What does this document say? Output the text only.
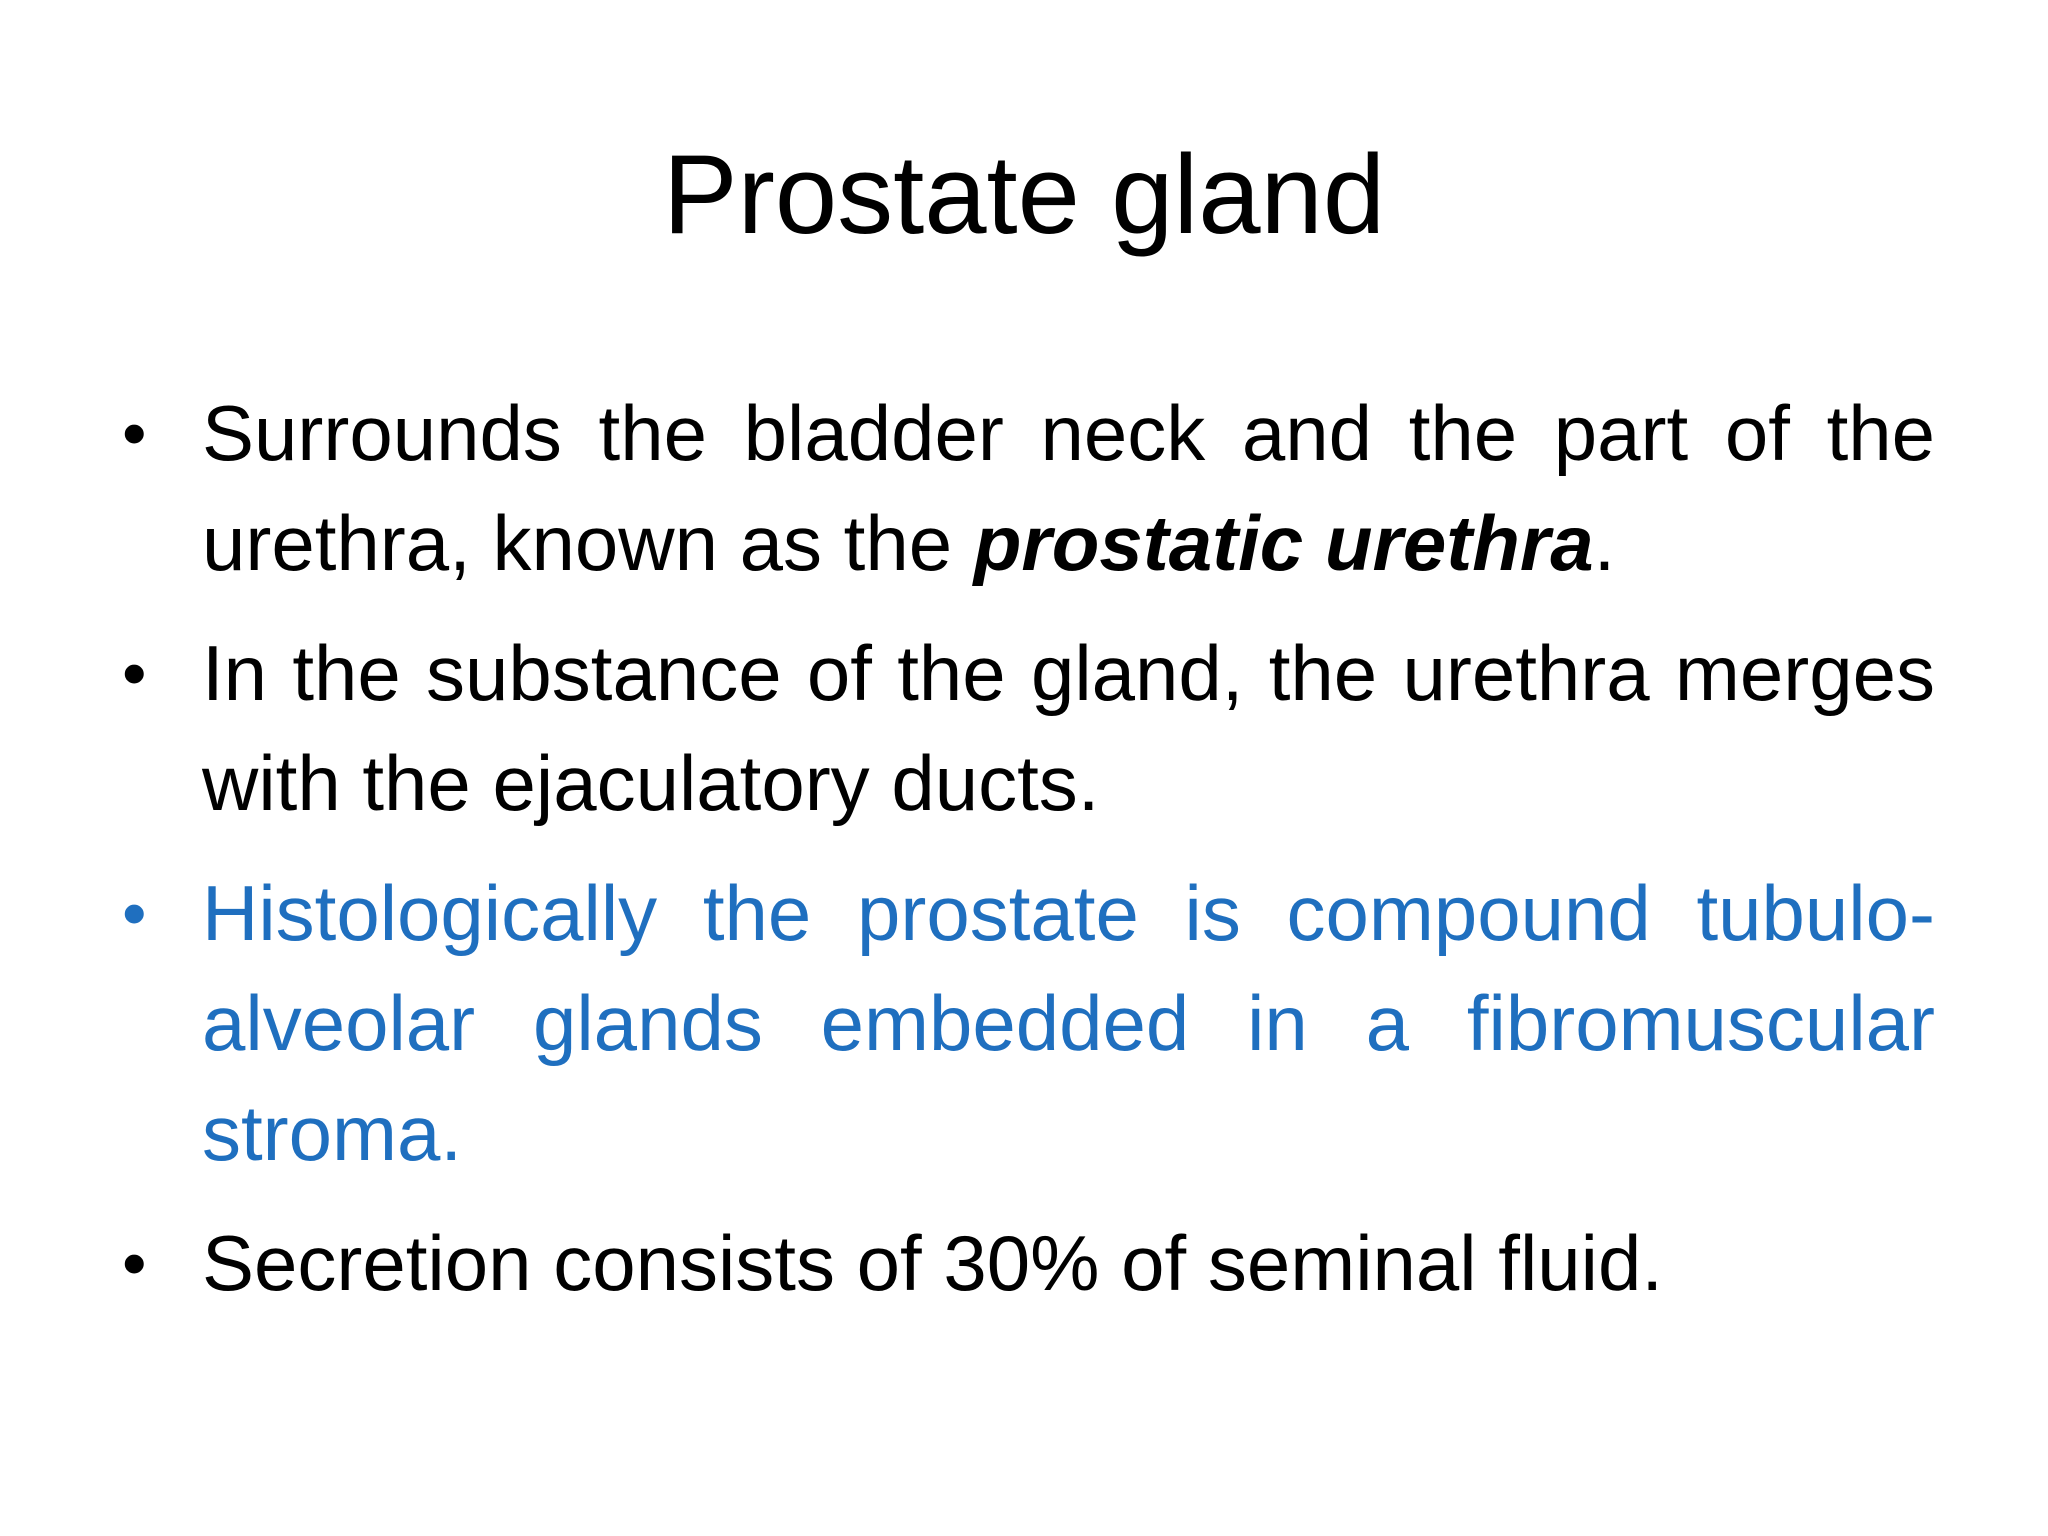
Prostate gland
• Surrounds the bladder neck and the part of the urethra, known as the prostatic urethra.
• In the substance of the gland, the urethra merges with the ejaculatory ducts.
• Histologically the prostate is compound tubulo-alveolar glands embedded in a fibromuscular stroma.
• Secretion consists of 30% of seminal fluid.
